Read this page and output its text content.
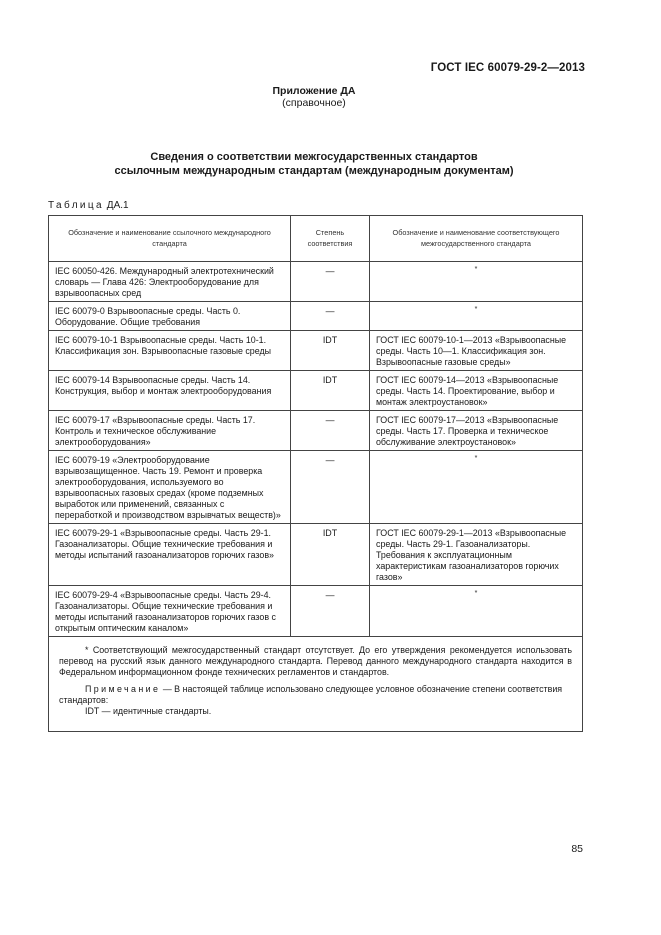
ГОСТ IEC 60079-29-2—2013
Приложение ДА
(справочное)
Сведения о соответствии межгосударственных стандартов
ссылочным международным стандартам (международным документам)
Таблица ДА.1
Обозначение и наименование ссылочного международного стандарта	Степень соответствия	Обозначение и наименование соответствующего межгосударственного стандарта
IEC 60050-426. Международный электротехнический словарь — Глава 426: Электрооборудование для взрывоопасных сред	—	*

IEC 60079-0 Взрывоопасные среды. Часть 0. Оборудование. Общие требования	—	*

IEC 60079-10-1 Взрывоопасные среды. Часть 10-1. Классификация зон. Взрывоопасные газовые среды	IDT	ГОСТ IEC 60079-10-1—2013 «Взрывоопасные среды. Часть 10—1. Классификация зон. Взрывоопасные газовые среды»
IEC 60079-14 Взрывоопасные среды. Часть 14. Конструкция, выбор и монтаж электрооборудования	IDT	ГОСТ IEC 60079-14—2013 «Взрывоопасные среды. Часть 14. Проектирование, выбор и монтаж электроустановок»
IEC 60079-17 «Взрывоопасные среды. Часть 17. Контроль и техническое обслуживание электрооборудования»	—	ГОСТ IEC 60079-17—2013 «Взрывоопасные среды. Часть 17. Проверка и техническое обслуживание электроустановок»
IEC 60079-19 «Электрооборудование взрывозащищенное. Часть 19. Ремонт и проверка электрооборудования, используемого во взрывоопасных газовых средах (кроме подземных выработок или применений, связанных с переработкой и производством взрывчатых веществ)»	—	*

IEC 60079-29-1 «Взрывоопасные среды. Часть 29-1. Газоанализаторы. Общие технические требования и методы испытаний газоанализаторов горючих газов»	IDT	ГОСТ IEC 60079-29-1—2013 «Взрывоопасные среды. Часть 29-1. Газоанализаторы. Требования к эксплуатационным характеристикам газоанализаторов горючих газов»
IEC 60079-29-4 «Взрывоопасные среды. Часть 29-4. Газоанализаторы. Общие технические требования и методы испытаний газоанализаторов горючих газов с открытым оптическим каналом»	—	*

* Соответствующий межгосударственный стандарт отсутствует. До его утверждения рекомендуется использовать перевод на русский язык данного международного стандарта. Перевод данного международного стандарта находится в Федеральном информационном фонде технических регламентов и стандартов.
Примечание — В настоящей таблице использовано следующее условное обозначение степени соответствия стандартов:
IDT — идентичные стандарты.		
85
